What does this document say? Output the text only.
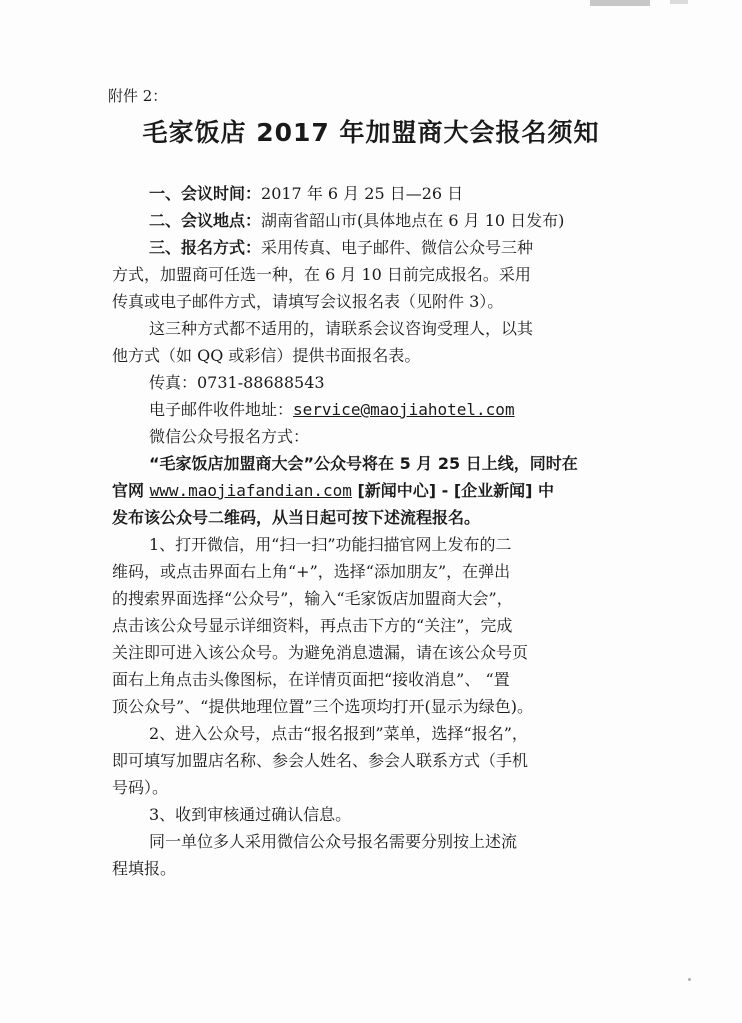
附件 2：
毛家饭店 2017 年加盟商大会报名须知
一、会议时间：2017 年 6 月 25 日—26 日
二、会议地点：湖南省韶山市(具体地点在 6 月 10 日发布)
三、报名方式：采用传真、电子邮件、微信公众号三种
方式，加盟商可任选一种，在 6 月 10 日前完成报名。采用
传真或电子邮件方式，请填写会议报名表（见附件 3）。
这三种方式都不适用的，请联系会议咨询受理人，以其
他方式（如 QQ 或彩信）提供书面报名表。
传真：0731-88688543
电子邮件收件地址：service@maojiahotel.com
微信公众号报名方式：
“毛家饭店加盟商大会”公众号将在 5 月 25 日上线，同时在
官网 www.maojiafandian.com [新闻中心] - [企业新闻] 中
发布该公众号二维码，从当日起可按下述流程报名。
1、打开微信，用“扫一扫”功能扫描官网上发布的二
维码，或点击界面右上角“+”，选择“添加朋友”，在弹出
的搜索界面选择“公众号”，输入“毛家饭店加盟商大会”，
点击该公众号显示详细资料，再点击下方的“关注”，完成
关注即可进入该公众号。为避免消息遗漏，请在该公众号页
面右上角点击头像图标，在详情页面把“接收消息”、 “置
顶公众号”、“提供地理位置”三个选项均打开(显示为绿色)。
2、进入公众号，点击“报名报到”菜单，选择“报名”，
即可填写加盟店名称、参会人姓名、参会人联系方式（手机
号码）。
3、收到审核通过确认信息。
同一单位多人采用微信公众号报名需要分别按上述流
程填报。
